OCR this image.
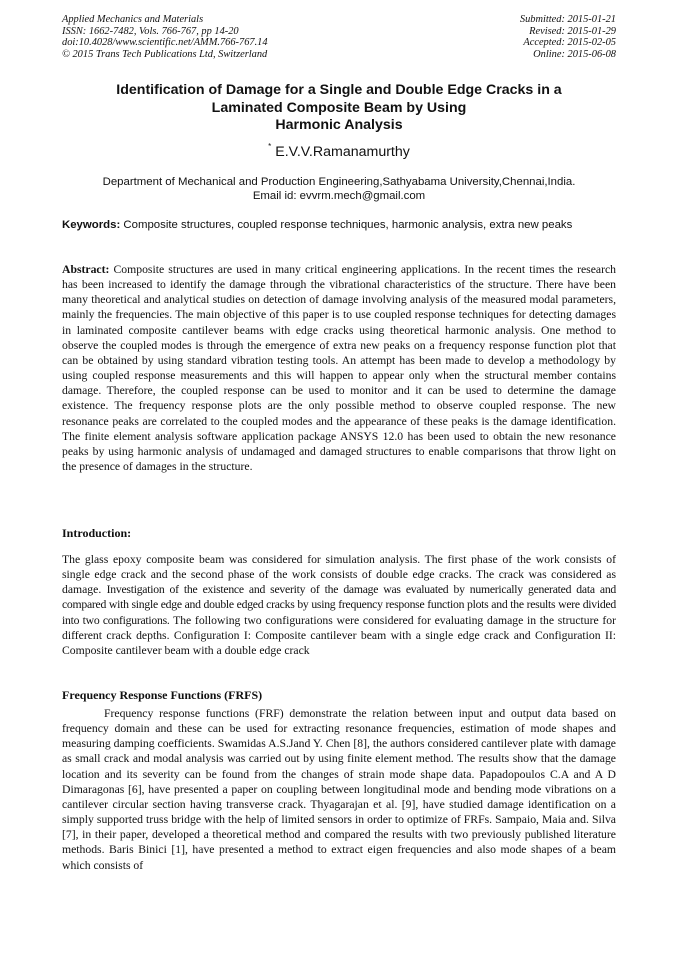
Applied Mechanics and Materials
ISSN: 1662-7482, Vols. 766-767, pp 14-20
doi:10.4028/www.scientific.net/AMM.766-767.14
© 2015 Trans Tech Publications Ltd, Switzerland
Submitted: 2015-01-21
Revised: 2015-01-29
Accepted: 2015-02-05
Online: 2015-06-08
Identification of Damage for a Single and Double Edge Cracks in a
Laminated Composite Beam by Using
Harmonic Analysis
* E.V.V.Ramanamurthy
Department of Mechanical and Production Engineering,Sathyabama University,Chennai,India.
Email id: evvrm.mech@gmail.com
Keywords: Composite structures, coupled response techniques, harmonic analysis, extra new peaks
Abstract: Composite structures are used in many critical engineering applications. In the recent times the research has been increased to identify the damage through the vibrational characteristics of the structure. There have been many theoretical and analytical studies on detection of damage involving analysis of the measured modal parameters, mainly the frequencies. The main objective of this paper is to use coupled response techniques for detecting damages in laminated composite cantilever beams with edge cracks using theoretical harmonic analysis. One method to observe the coupled modes is through the emergence of extra new peaks on a frequency response function plot that can be obtained by using standard vibration testing tools. An attempt has been made to develop a methodology by using coupled response measurements and this will happen to appear only when the structural member contains damage. Therefore, the coupled response can be used to monitor and it can be used to determine the damage existence. The frequency response plots are the only possible method to observe coupled response. The new resonance peaks are correlated to the coupled modes and the appearance of these peaks is the damage identification. The finite element analysis software application package ANSYS 12.0 has been used to obtain the new resonance peaks by using harmonic analysis of undamaged and damaged structures to enable comparisons that throw light on the presence of damages in the structure.
Introduction:
The glass epoxy composite beam was considered for simulation analysis. The first phase of the work consists of single edge crack and the second phase of the work consists of double edge cracks. The crack was considered as damage. Investigation of the existence and severity of the damage was evaluated by numerically generated data and compared with single edge and double edged cracks by using frequency response function plots and the results were divided into two configurations. The following two configurations were considered for evaluating damage in the structure for different crack depths. Configuration I: Composite cantilever beam with a single edge crack and Configuration II: Composite cantilever beam with a double edge crack
Frequency Response Functions (FRFS)
Frequency response functions (FRF) demonstrate the relation between input and output data based on frequency domain and these can be used for extracting resonance frequencies, estimation of mode shapes and measuring damping coefficients. Swamidas A.S.Jand Y. Chen [8], the authors considered cantilever plate with damage as small crack and modal analysis was carried out by using finite element method. The results show that the damage location and its severity can be found from the changes of strain mode shape data. Papadopoulos C.A and A D Dimaragonas [6], have presented a paper on coupling between longitudinal mode and bending mode vibrations on a cantilever circular section having transverse crack. Thyagarajan et al. [9], have studied damage identification on a simply supported truss bridge with the help of limited sensors in order to optimize of FRFs. Sampaio, Maia and. Silva [7], in their paper, developed a theoretical method and compared the results with two previously published literature methods. Baris Binici [1], have presented a method to extract eigen frequencies and also mode shapes of a beam which consists of
